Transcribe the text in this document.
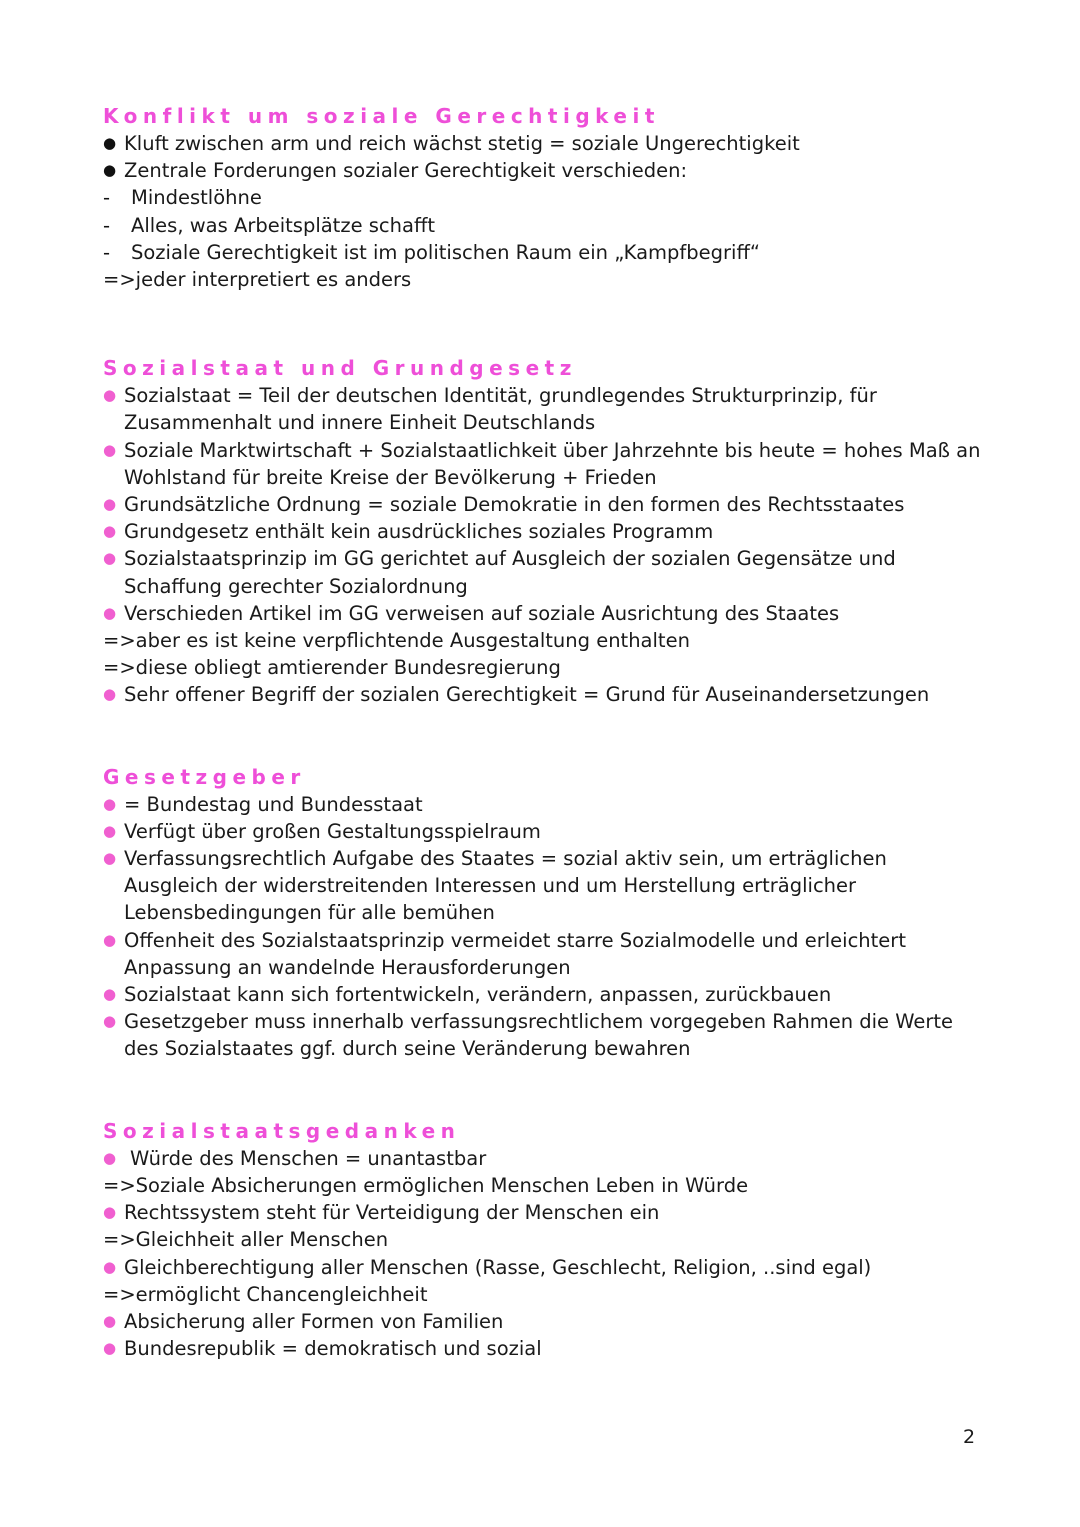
Konflikt um soziale Gerechtigkeit
● Kluft zwischen arm und reich wächst stetig = soziale Ungerechtigkeit
● Zentrale Forderungen sozialer Gerechtigkeit verschieden:
-	Mindestlöhne
-	Alles, was Arbeitsplätze schafft
-	Soziale Gerechtigkeit ist im politischen Raum ein „Kampfbegriff“
=>jeder interpretiert es anders
Sozialstaat und Grundgesetz
● Sozialstaat = Teil der deutschen Identität, grundlegendes Strukturprinzip, für Zusammenhalt und innere Einheit Deutschlands
● Soziale Marktwirtschaft + Sozialstaatlichkeit über Jahrzehnte bis heute = hohes Maß an Wohlstand für breite Kreise der Bevölkerung + Frieden
● Grundsätzliche Ordnung = soziale Demokratie in den formen des Rechtsstaates
● Grundgesetz enthält kein ausdrückliches soziales Programm
● Sozialstaatsprinzip im GG gerichtet auf Ausgleich der sozialen Gegensätze und Schaffung gerechter Sozialordnung
● Verschieden Artikel im GG verweisen auf soziale Ausrichtung des Staates
=>aber es ist keine verpflichtende Ausgestaltung enthalten
=>diese obliegt amtierender Bundesregierung
● Sehr offener Begriff der sozialen Gerechtigkeit = Grund für Auseinandersetzungen
Gesetzgeber
● = Bundestag und Bundesstaat
● Verfügt über großen Gestaltungsspielraum
● Verfassungsrechtlich Aufgabe des Staates = sozial aktiv sein, um erträglichen Ausgleich der widerstreitenden Interessen und um Herstellung erträglicher Lebensbedingungen für alle bemühen
● Offenheit des Sozialstaatsprinzip vermeidet starre Sozialmodelle und erleichtert Anpassung an wandelnde Herausforderungen
● Sozialstaat kann sich fortentwickeln, verändern, anpassen, zurückbauen
● Gesetzgeber muss innerhalb verfassungsrechtlichem vorgegeben Rahmen die Werte des Sozialstaates ggf. durch seine Veränderung bewahren
Sozialstaatsgedanken
● Würde des Menschen = unantastbar
=>Soziale Absicherungen ermöglichen Menschen Leben in Würde
● Rechtssystem steht für Verteidigung der Menschen ein
=>Gleichheit aller Menschen
● Gleichberechtigung aller Menschen (Rasse, Geschlecht, Religion, ..sind egal)
=>ermöglicht Chancengleichheit
● Absicherung aller Formen von Familien
● Bundesrepublik = demokratisch und sozial
2
